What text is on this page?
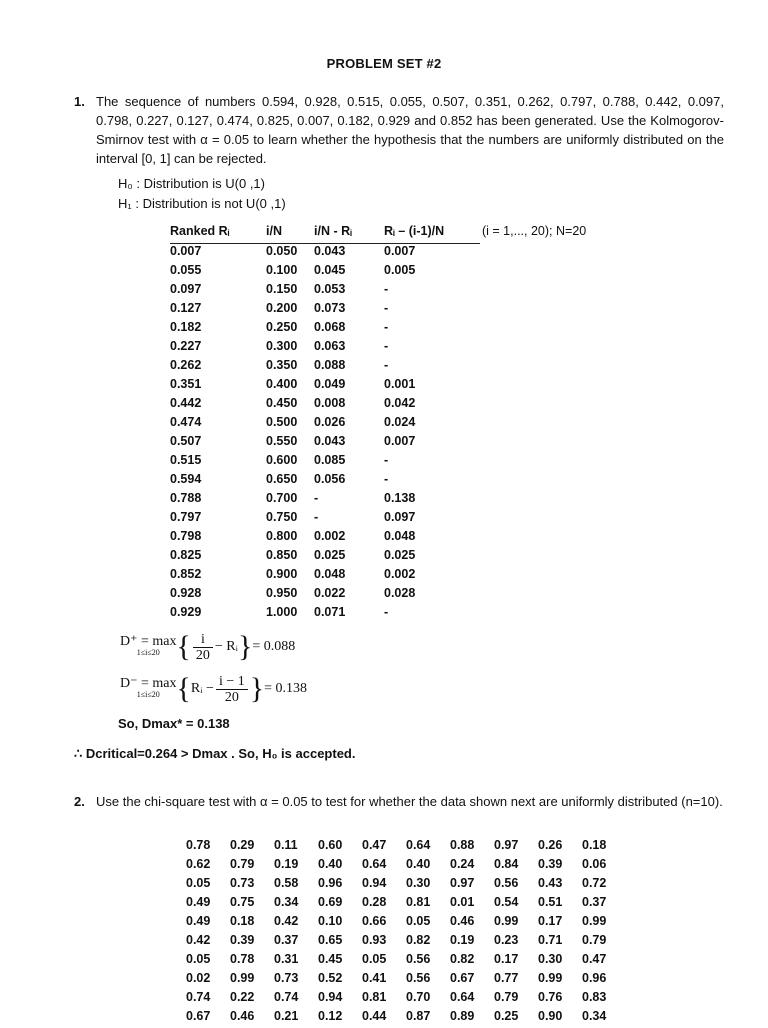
PROBLEM SET #2
1. The sequence of numbers 0.594, 0.928, 0.515, 0.055, 0.507, 0.351, 0.262, 0.797, 0.788, 0.442, 0.097, 0.798, 0.227, 0.127, 0.474, 0.825, 0.007, 0.182, 0.929 and 0.852 has been generated. Use the Kolmogorov-Smirnov test with α = 0.05 to learn whether the hypothesis that the numbers are uniformly distributed on the interval [0, 1] can be rejected.
H₀ : Distribution is U(0 ,1)
H₁ : Distribution is not U(0 ,1)
Ranked Rᵢ	i/N	i/N - Rᵢ	Rᵢ – (i-1)/N
0.007	0.050	0.043	0.007
0.055	0.100	0.045	0.005
0.097	0.150	0.053	-
0.127	0.200	0.073	-
0.182	0.250	0.068	-
0.227	0.300	0.063	-
0.262	0.350	0.088	-
0.351	0.400	0.049	0.001
0.442	0.450	0.008	0.042
0.474	0.500	0.026	0.024
0.507	0.550	0.043	0.007
0.515	0.600	0.085	-
0.594	0.650	0.056	-
0.788	0.700	-	0.138
0.797	0.750	-	0.097
0.798	0.800	0.002	0.048
0.825	0.850	0.025	0.025
0.852	0.900	0.048	0.002
0.928	0.950	0.022	0.028
0.929	1.000	0.071	-
(i = 1,..., 20); N=20
D⁺ = max
1≤i≤20 { $\frac{i}{20}$ − Rᵢ}= 0.088
D⁻ = max
1≤i≤20 {Rᵢ − $\frac{i - 1}{20}$ }= 0.138
So, Dmax* = 0.138
∴ Dcritical=0.264 > Dmax . So, H₀ is accepted.
2. Use the chi-square test with α = 0.05 to test for whether the data shown next are uniformly distributed (n=10).
0.78	0.29	0.11	0.60	0.47	0.64	0.88	0.97	0.26	0.18
0.62	0.79	0.19	0.40	0.64	0.40	0.24	0.84	0.39	0.06
0.05	0.73	0.58	0.96	0.94	0.30	0.97	0.56	0.43	0.72
0.49	0.75	0.34	0.69	0.28	0.81	0.01	0.54	0.51	0.37
0.49	0.18	0.42	0.10	0.66	0.05	0.46	0.99	0.17	0.99
0.42	0.39	0.37	0.65	0.93	0.82	0.19	0.23	0.71	0.79
0.05	0.78	0.31	0.45	0.05	0.56	0.82	0.17	0.30	0.47
0.02	0.99	0.73	0.52	0.41	0.56	0.67	0.77	0.99	0.96
0.74	0.22	0.74	0.94	0.81	0.70	0.64	0.79	0.76	0.83
0.67	0.46	0.21	0.12	0.44	0.87	0.89	0.25	0.90	0.34
